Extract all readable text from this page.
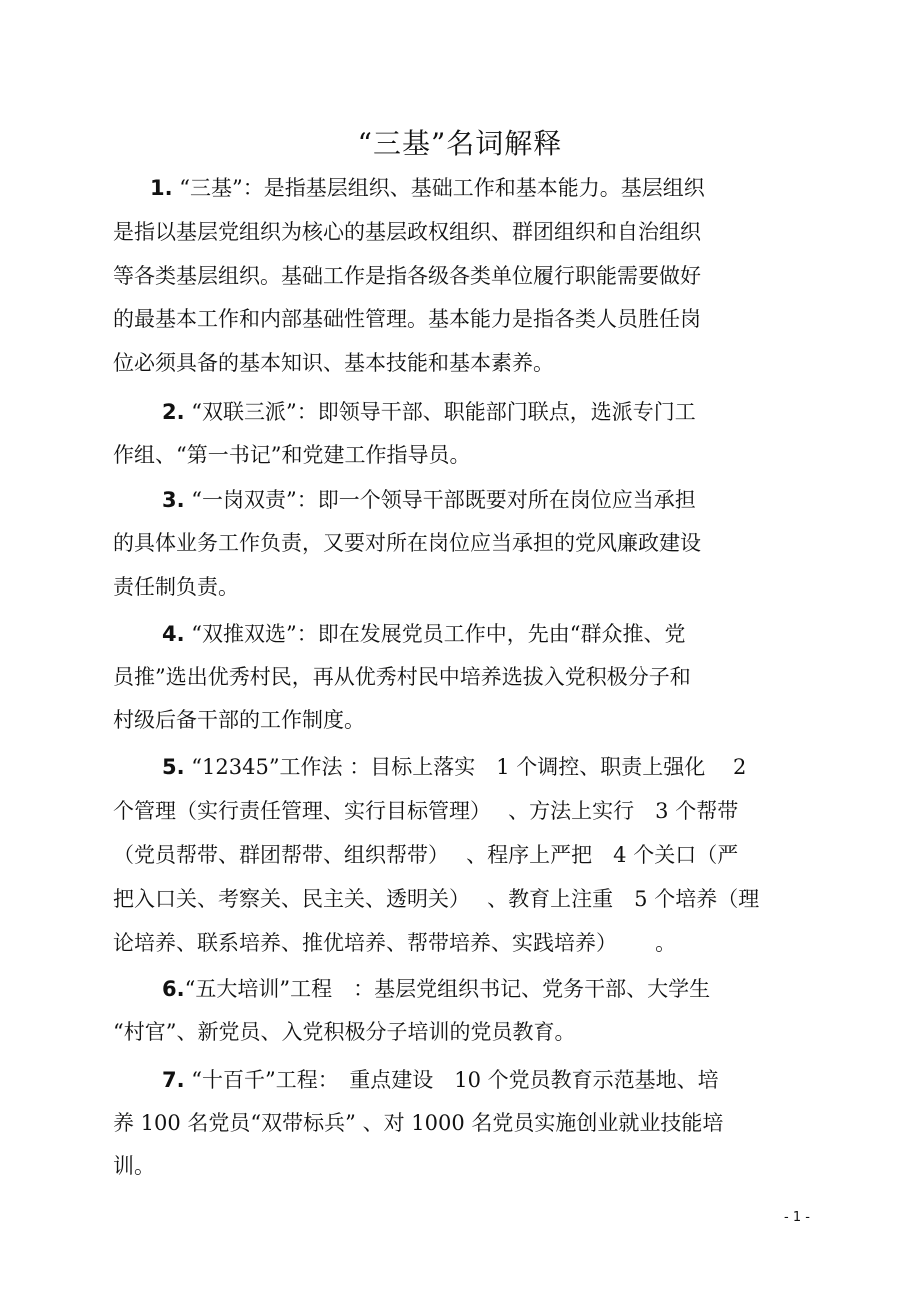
“三基”名词解释
1. “三基”：是指基层组织、基础工作和基本能力。基层组织
是指以基层党组织为核心的基层政权组织、群团组织和自治组织
等各类基层组织。基础工作是指各级各类单位履行职能需要做好
的最基本工作和内部基础性管理。基本能力是指各类人员胜任岗
位必须具备的基本知识、基本技能和基本素养。
2. “双联三派”：即领导干部、职能部门联点，选派专门工
作组、“第一书记”和党建工作指导员。
3. “一岗双责”：即一个领导干部既要对所在岗位应当承担
的具体业务工作负责，又要对所在岗位应当承担的党风廉政建设
责任制负责。
4. “双推双选”：即在发展党员工作中，先由“群众推、党
员推”选出优秀村民，再从优秀村民中培养选拔入党积极分子和
村级后备干部的工作制度。
5. “12345”工作法 ：目标上落实　1 个调控、职责上强化　 2
个管理（实行责任管理、实行目标管理）　 、方法上实行　3 个帮带
（党员帮带、群团帮带、组织帮带）　 、程序上严把　4 个关口（严
把入口关、考察关、民主关、透明关）　 、教育上注重　5 个培养（理
论培养、联系培养、推优培养、帮带培养、实践培养）　　 。
6.“五大培训”工程　：基层党组织书记、党务干部、大学生
“村官”、新党员、入党积极分子培训的党员教育。
7. “十百千”工程：　重点建设　10 个党员教育示范基地、培
养 100 名党员“双带标兵” 、对 1000 名党员实施创业就业技能培
训。
- 1 -
